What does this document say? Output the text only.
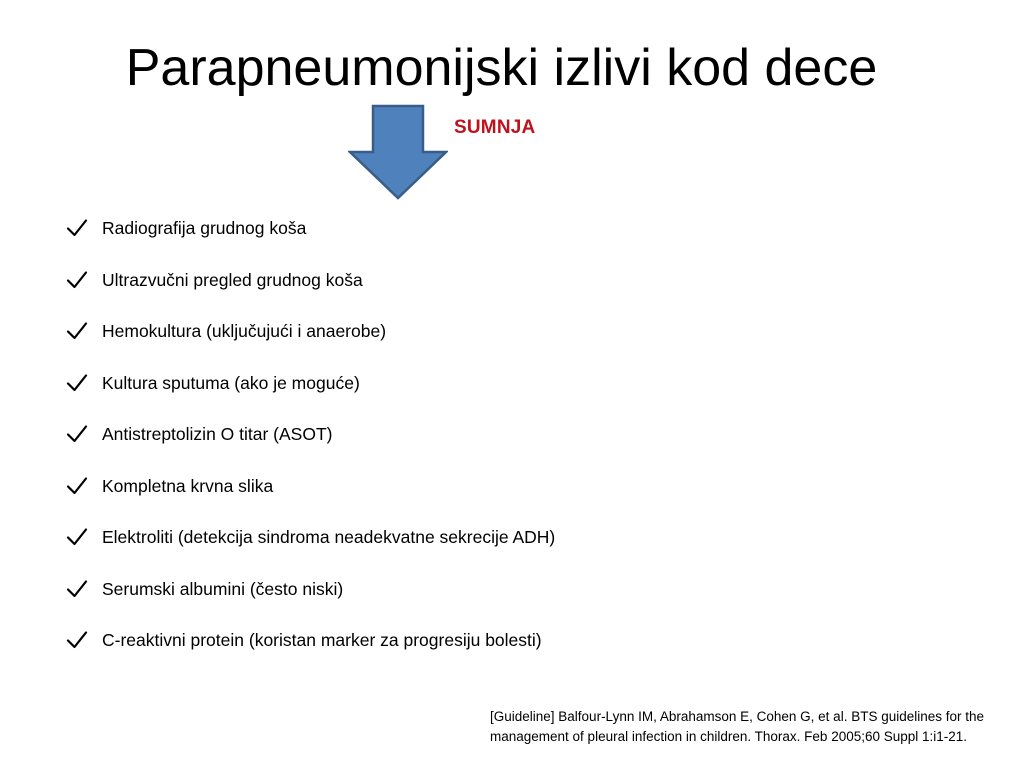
Parapneumonijski izlivi kod dece
SUMNJA
Radiografija grudnog koša
Ultrazvučni pregled grudnog koša
Hemokultura (uključujući i anaerobe)
Kultura sputuma (ako je moguće)
Antistreptolizin O titar (ASOT)
Kompletna krvna slika
Elektroliti (detekcija sindroma neadekvatne sekrecije ADH)
Serumski albumini (često niski)
C-reaktivni protein (koristan marker za progresiju bolesti)
[Guideline] Balfour-Lynn IM, Abrahamson E, Cohen G, et al. BTS guidelines for the
management of pleural infection in children. Thorax. Feb 2005;60 Suppl 1:i1-21.
